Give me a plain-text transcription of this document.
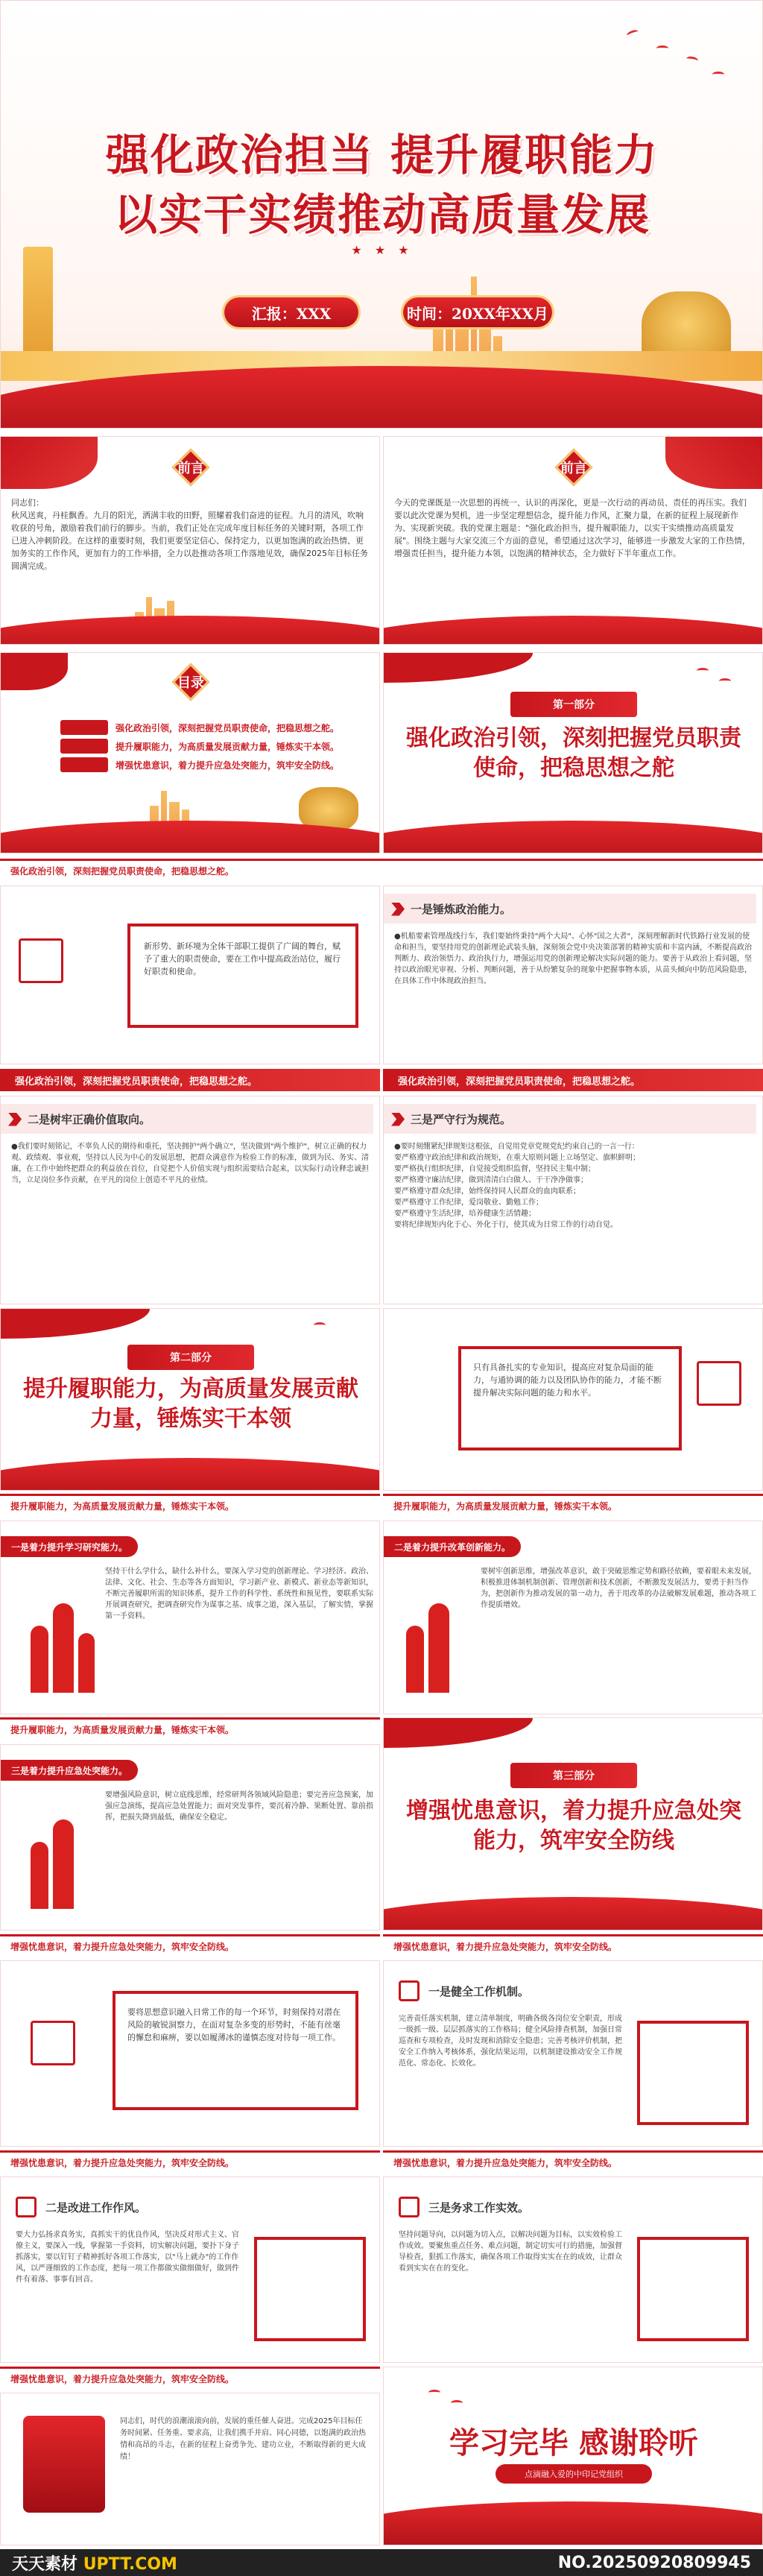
强化政治担当 提升履职能力
以实干实绩推动高质量发展
★ ★ ★
汇报：XXX	时间：20XX年XX月
前言
同志们：
秋风送爽，丹桂飘香。九月的阳光，洒满丰收的田野，照耀着我们奋进的征程。九月的清风，吹响收获的号角，激励着我们前行的脚步。当前，我们正处在完成年度目标任务的关键时期，各项工作已进入冲刺阶段。在这样的重要时刻，我们更要坚定信心、保持定力，以更加饱满的政治热情、更加务实的工作作风，更加有力的工作举措，全力以赴推动各项工作落地见效，确保2025年目标任务圆满完成。
前言
今天的党课既是一次思想的再统一、认识的再深化，更是一次行动的再动员、责任的再压实。我们要以此次党课为契机，进一步坚定理想信念，提升能力作风，汇聚力量，在新的征程上展现新作为、实现新突破。我的党课主题是："强化政治担当，提升履职能力，以实干实绩推动高质量发展"。围绕主题与大家交流三个方面的意见，希望通过这次学习，能够进一步激发大家的工作热情，增强责任担当，提升能力本领，以饱满的精神状态，全力做好下半年重点工作。
目录
强化政治引领，深刻把握党员职责使命，把稳思想之舵。
提升履职能力，为高质量发展贡献力量，锤炼实干本领。
增强忧患意识，着力提升应急处突能力，筑牢安全防线。
第一部分
强化政治引领，深刻把握党员职责使命，把稳思想之舵
强化政治引领，深刻把握党员职责使命，把稳思想之舵。
新形势、新环境为全体干部职工提供了广阔的舞台，赋予了重大的职责使命，要在工作中提高政治站位，履行好职责和使命。
一是锤炼政治能力。
●机船要素管理战线行车，我们要始终秉持"两个大局"、心怀"国之大者"，深刻理解新时代铁路行业发展的使命和担当，要坚持用党的创新理论武装头脑，深刻领会党中央决策部署的精神实质和丰富内涵，不断提高政治判断力、政治领悟力、政治执行力，增强运用党的创新理论解决实际问题的能力。要善于从政治上看问题，坚持以政治眼光审视、分析、判断问题，善于从纷繁复杂的现象中把握事物本质，从苗头倾向中防范风险隐患，在具体工作中体现政治担当。
强化政治引领，深刻把握党员职责使命，把稳思想之舵。	强化政治引领，深刻把握党员职责使命，把稳思想之舵。
二是树牢正确价值取向。
●我们要时刻铭记，不辜负人民的期待和重托，坚决拥护"两个确立"，坚决做到"两个维护"，树立正确的权力观、政绩观、事业观，坚持以人民为中心的发展思想，把群众满意作为检验工作的标准，做到为民、务实、清廉，在工作中始终把群众的利益放在首位，自觉把个人价值实现与组织需要结合起来，以实际行动诠释忠诚担当，立足岗位多作贡献，在平凡的岗位上创造不平凡的业绩。
三是严守行为规范。
●要时刻绷紧纪律规矩这根弦，自觉用党章党规党纪约束自己的一言一行：
要严格遵守政治纪律和政治规矩，在重大原则问题上立场坚定、旗帜鲜明；
要严格执行组织纪律，自觉接受组织监督，坚持民主集中制；
要严格遵守廉洁纪律，做到清清白白做人、干干净净做事；
要严格遵守群众纪律，始终保持同人民群众的血肉联系；
要严格遵守工作纪律，爱岗敬业、勤勉工作；
要严格遵守生活纪律，培养健康生活情趣；
要将纪律规矩内化于心、外化于行，使其成为日常工作的行动自觉。
第二部分
提升履职能力，为高质量发展贡献力量，锤炼实干本领
只有具备扎实的专业知识，提高应对复杂局面的能力，与通协调的能力以及团队协作的能力，才能不断提升解决实际问题的能力和水平。
提升履职能力，为高质量发展贡献力量，锤炼实干本领。	提升履职能力，为高质量发展贡献力量，锤炼实干本领。
一是着力提升学习研究能力。
坚持干什么学什么，缺什么补什么，要深入学习党的创新理论、学习经济、政治、法律、文化、社会、生态等各方面知识，学习新产业、新模式、新业态等新知识，不断完善履职所需的知识体系，提升工作的科学性、系统性和预见性，要联系实际开展调查研究，把调查研究作为谋事之基、成事之道，深入基层，了解实情，掌握第一手资料。
二是着力提升改革创新能力。
要树牢创新思维，增强改革意识，敢于突破思维定势和路径依赖，要着眼未来发展，积极推进体制机制创新、管理创新和技术创新，不断激发发展活力，要勇于担当作为，把创新作为推动发展的第一动力，善于用改革的办法破解发展难题，推动各项工作提质增效。
提升履职能力，为高质量发展贡献力量，锤炼实干本领。
三是着力提升应急处突能力。
要增强风险意识，树立底线思维，经常研判各领域风险隐患；要完善应急预案，加强应急演练，提高应急处置能力；面对突发事件，要沉着冷静、果断处置、靠前指挥，把损失降到最低，确保安全稳定。
第三部分
增强忧患意识，着力提升应急处突能力，筑牢安全防线
增强忧患意识，着力提升应急处突能力，筑牢安全防线。	增强忧患意识，着力提升应急处突能力，筑牢安全防线。
要将思想意识融入日常工作的每一个环节，时刻保持对潜在风险的敏锐洞察力，在面对复杂多变的形势时，不能有丝毫的懈怠和麻痹，要以如履薄冰的谨慎态度对待每一项工作。
一是健全工作机制。
完善责任落实机制，建立清单制度，明确各级各岗位安全职责，形成一级抓一级、层层抓落实的工作格局；健全风险排查机制，加强日常巡查和专项检查，及时发现和消除安全隐患；完善考核评价机制，把安全工作纳入考核体系，强化结果运用，以机制建设推动安全工作规范化、常态化、长效化。
增强忧患意识，着力提升应急处突能力，筑牢安全防线。	增强忧患意识，着力提升应急处突能力，筑牢安全防线。
二是改进工作作风。
要大力弘扬求真务实，真抓实干的优良作风，坚决反对形式主义、官僚主义，要深入一线，掌握第一手资料，切实解决问题，要扑下身子抓落实，要以钉钉子精神抓好各项工作落实，以"马上就办"的工作作风，以严谨细致的工作态度，把每一项工作都做实做细做好，做到件件有着落、事事有回音。
三是务求工作实效。
坚持问题导向，以问题为切入点，以解决问题为目标，以实效检验工作成效。要聚焦重点任务、难点问题，制定切实可行的措施，加强督导检查，狠抓工作落实，确保各项工作取得实实在在的成效，让群众看到实实在在的变化。
增强忧患意识，着力提升应急处突能力，筑牢安全防线。
同志们，时代的浪潮滚滚向前，发展的重任催人奋进。完成2025年目标任务时间紧、任务重、要求高，让我们携手并肩、同心同德，以饱满的政治热情和高昂的斗志，在新的征程上奋勇争先、建功立业，不断取得新的更大成绩！	学习完毕 感谢聆听
点滴融入爱的中印记党组织
天天素材 UPTT.COM	NO.20250920809945
